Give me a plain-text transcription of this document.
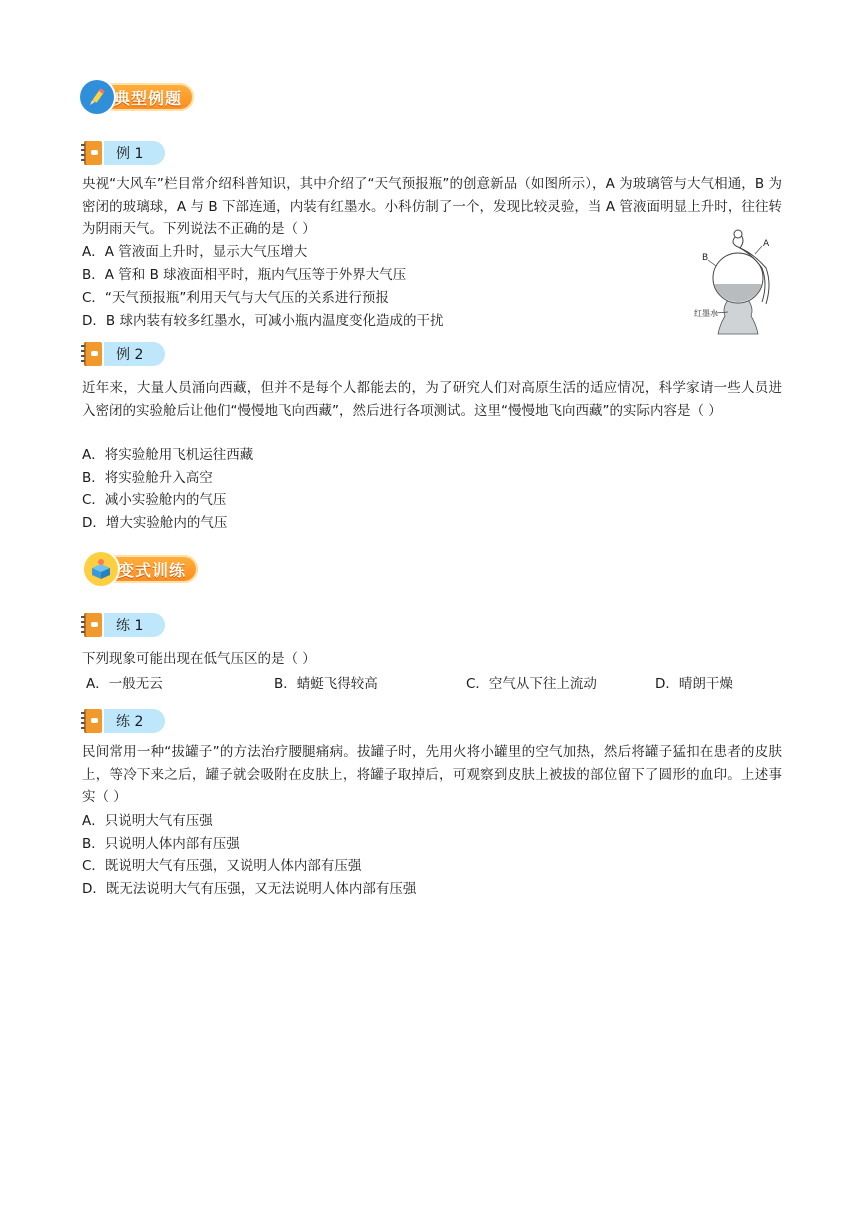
典型例题
例 1
央视“大风车”栏目常介绍科普知识，其中介绍了“天气预报瓶”的创意新品（如图所示），A 为玻璃管与大气相通，B 为密闭的玻璃球，A 与 B 下部连通，内装有红墨水。小科仿制了一个，发现比较灵验，当 A 管液面明显上升时，往往转为阴雨天气。下列说法不正确的是（ ）
A．A 管液面上升时，显示大气压增大
B．A 管和 B 球液面相平时，瓶内气压等于外界大气压
C．“天气预报瓶”利用天气与大气压的关系进行预报
D．B 球内装有较多红墨水，可减小瓶内温度变化造成的干扰
A
B
红墨水
例 2
近年来，大量人员涌向西藏，但并不是每个人都能去的，为了研究人们对高原生活的适应情况，科学家请一些人员进入密闭的实验舱后让他们“慢慢地飞向西藏”，然后进行各项测试。这里“慢慢地飞向西藏”的实际内容是（ ）
A．将实验舱用飞机运往西藏
B．将实验舱升入高空
C．减小实验舱内的气压
D．增大实验舱内的气压
变式训练
练 1
下列现象可能出现在低气压区的是（ ）
A．一般无云	B．蜻蜓飞得较高	C．空气从下往上流动	D．晴朗干燥
练 2
民间常用一种“拔罐子”的方法治疗腰腿痛病。拔罐子时，先用火将小罐里的空气加热，然后将罐子猛扣在患者的皮肤上，等冷下来之后，罐子就会吸附在皮肤上，将罐子取掉后，可观察到皮肤上被拔的部位留下了圆形的血印。上述事实（ ）
A．只说明大气有压强
B．只说明人体内部有压强
C．既说明大气有压强，又说明人体内部有压强
D．既无法说明大气有压强，又无法说明人体内部有压强
